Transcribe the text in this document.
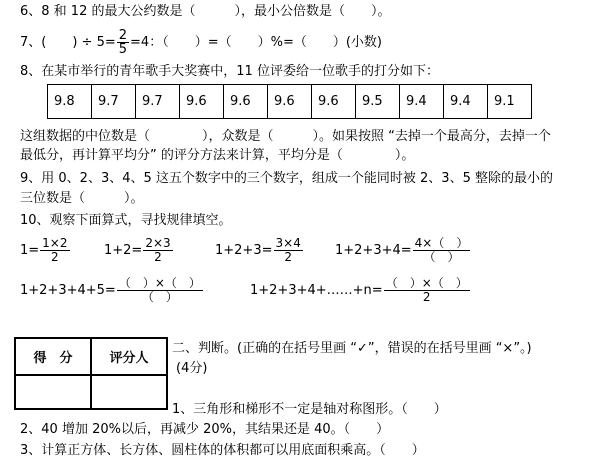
6、8 和 12 的最大公约数是（　　　），最小公倍数是（　　）。
7、(　　) ÷ $5= \frac{2}{5} =4$：（　　）=（　　）%=（　　）(小数)
8、在某市举行的青年歌手大奖赛中，11 位评委给一位歌手的打分如下：
9.8	9.7	9.7	9.6	9.6	9.6	9.6	9.5	9.4	9.4	9.1
这组数据的中位数是（　　　　），众数是（　　　）。如果按照 “去掉一个最高分，去掉一个
最低分，再计算平均分” 的评分方法来计算，平均分是（　　　　）。
9、用 0、2、3、4、5 这五个数字中的三个数字，组成一个能同时被 2、3、5 整除的最小的
三位数是（　　　）。
10、观察下面算式，寻找规律填空。
$1= \frac{1\times 2}{2}$	$1+2= \frac{2\times 3}{2}$	$1+2+3= \frac{3\times 4}{2} 1+2+3+4= \frac{4\times( )}{( )}$
$1+2+3+4+5= \frac{( )\times( )}{( )}$	1+2+3+4+……+n= $\frac{( )\times( )}{2}$
得　分	评分人

二、判断。(正确的在括号里画 “✓”，错误的在括号里画 “×”。)
(4分)
1、三角形和梯形不一定是轴对称图形。（　　）
2、40 增加 20%以后，再减少 20%，其结果还是 40。（　　）
3、计算正方体、长方体、圆柱体的体积都可以用底面积乘高。（　　）
